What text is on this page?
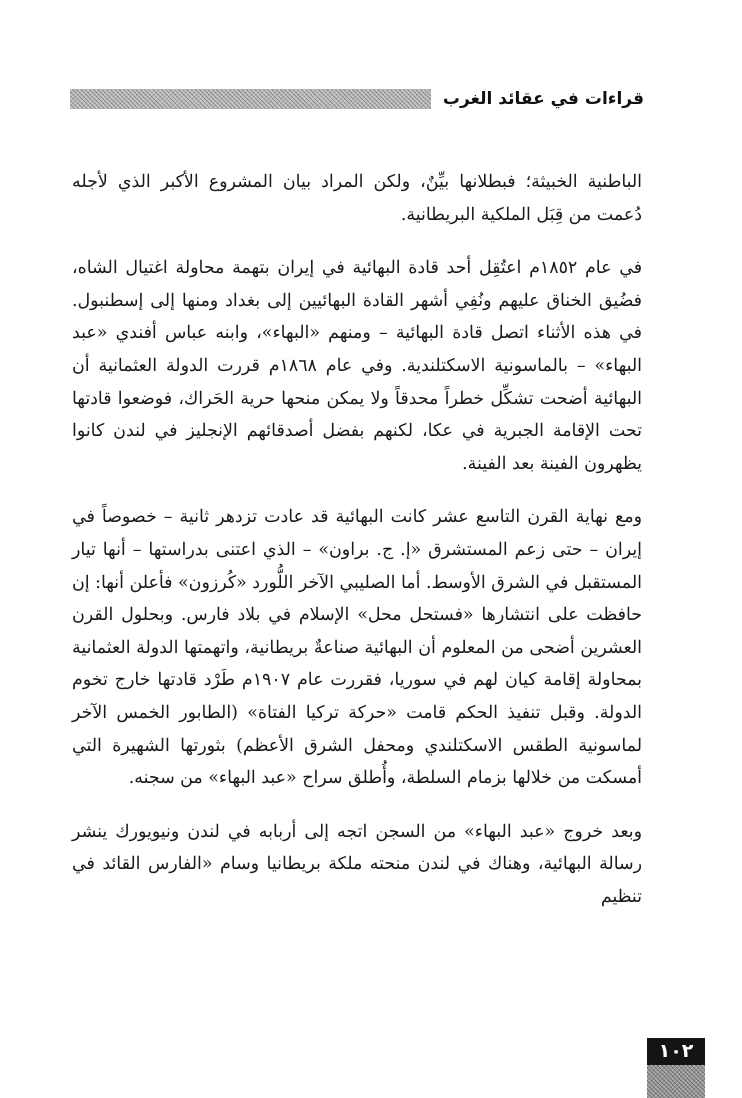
قراءات في عقائد الغرب

الباطنية الخبيثة؛ فبطلانها بيِّنٌ، ولكن المراد بيان المشروع الأكبر الذي لأجله دُعمت من قِبَل الملكية البريطانية.

في عام ١٨٥٢م اعتُقِل أحد قادة البهائية في إيران بتهمة محاولة اغتيال الشاه، فضُيق الخناق عليهم ونُفِي أشهر القادة البهائيين إلى بغداد ومنها إلى إسطنبول. في هذه الأثناء اتصل قادة البهائية – ومنهم «البهاء»، وابنه عباس أفندي «عبد البهاء» – بالماسونية الاسكتلندية. وفي عام ١٨٦٨م قررت الدولة العثمانية أن البهائية أضحت تشكِّل خطراً محدقاً ولا يمكن منحها حرية الحَراك، فوضعوا قادتها تحت الإقامة الجبرية في عكا، لكنهم بفضل أصدقائهم الإنجليز في لندن كانوا يظهرون الفينة بعد الفينة.

ومع نهاية القرن التاسع عشر كانت البهائية قد عادت تزدهر ثانية – خصوصاً في إيران – حتى زعم المستشرق «إ. ج. براون» – الذي اعتنى بدراستها – أنها تيار المستقبل في الشرق الأوسط. أما الصليبي الآخر اللُّورد «كُرزون» فأعلن أنها: إن حافظت على انتشارها «فستحل محل» الإسلام في بلاد فارس. وبحلول القرن العشرين أضحى من المعلوم أن البهائية صناعةٌ بريطانية، واتهمتها الدولة العثمانية بمحاولة إقامة كيان لهم في سوريا، فقررت عام ١٩٠٧م طَرْد قادتها خارج تخوم الدولة. وقبل تنفيذ الحكم قامت «حركة تركيا الفتاة» (الطابور الخمس الآخر لماسونية الطقس الاسكتلندي ومحفل الشرق الأعظم) بثورتها الشهيرة التي أمسكت من خلالها بزمام السلطة، وأُطلق سراح «عبد البهاء» من سجنه.

وبعد خروج «عبد البهاء» من السجن اتجه إلى أربابه في لندن ونيويورك ينشر رسالة البهائية، وهناك في لندن منحته ملكة بريطانيا وسام «الفارس القائد في تنظيم

١٠٢
